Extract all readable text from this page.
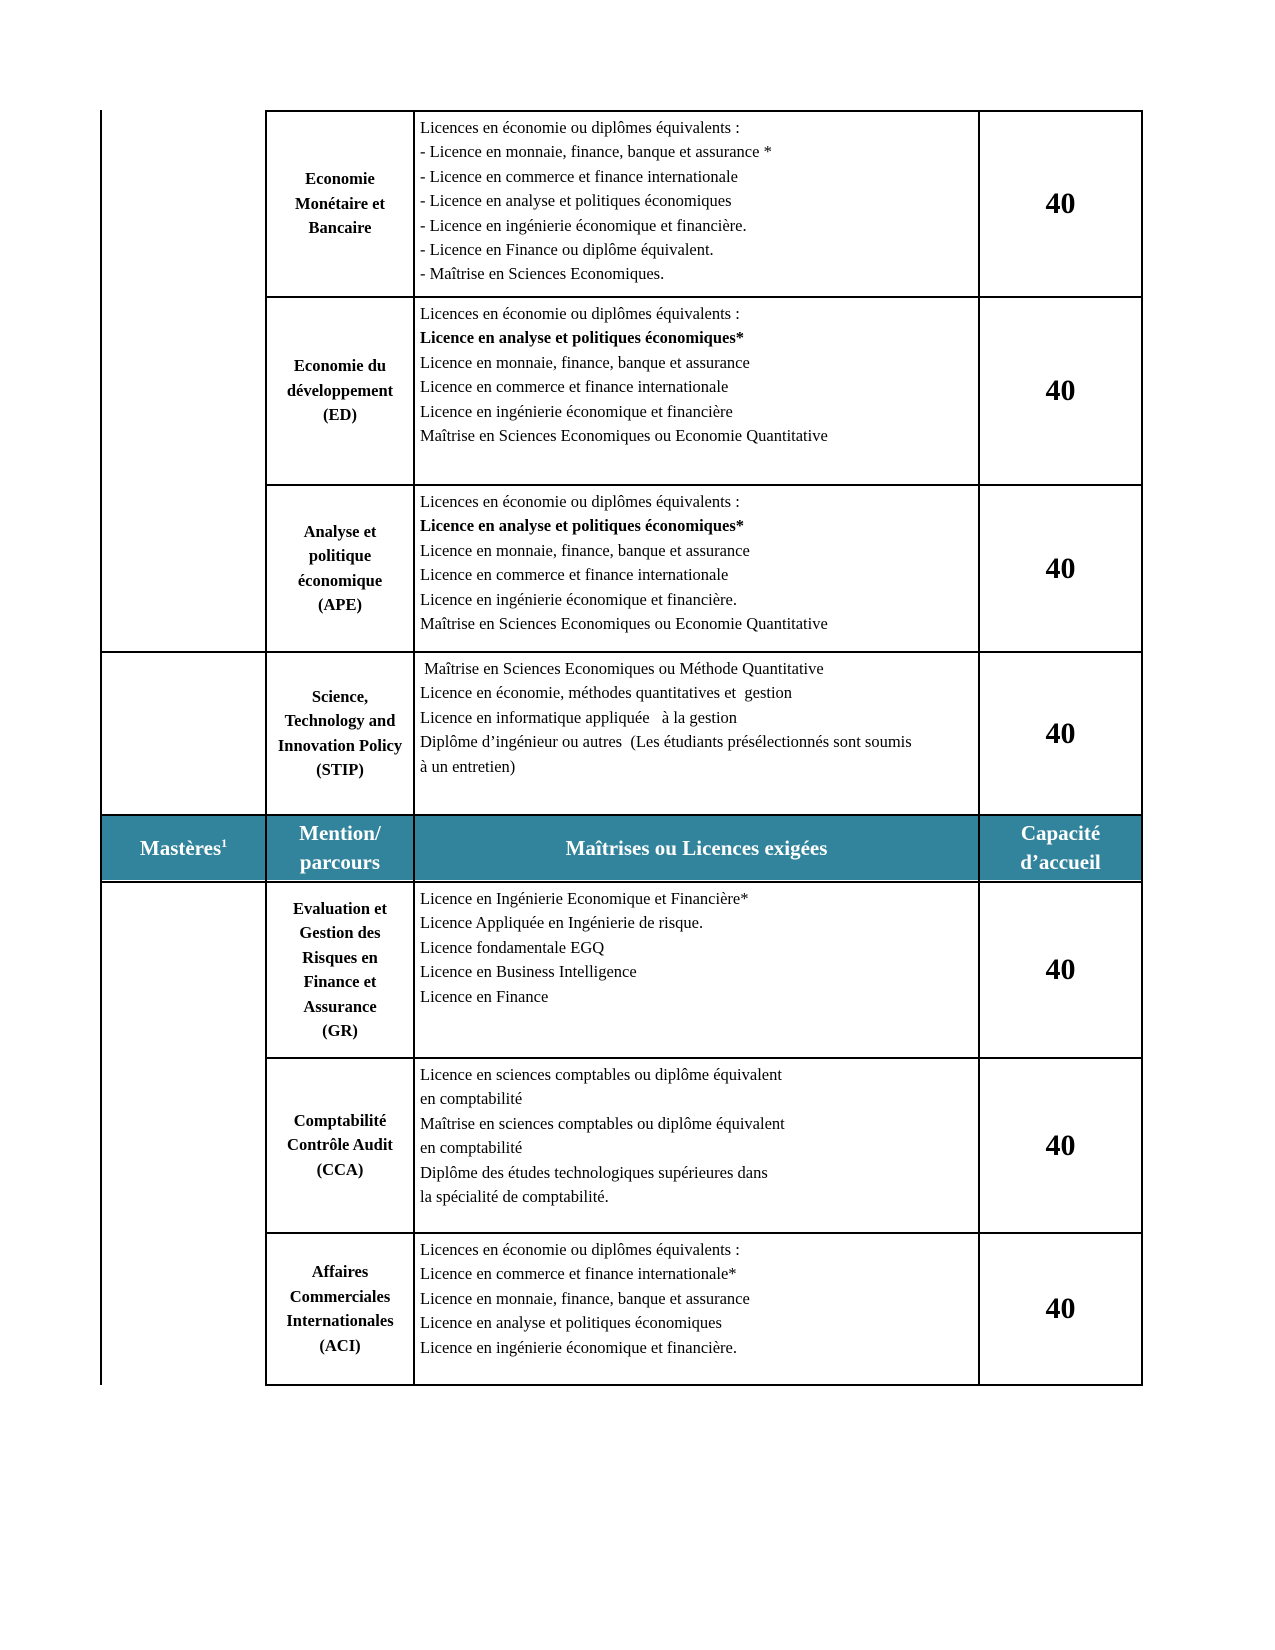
Mastères$^1$	Mention/
parcours
Maîtrises ou Licences exigées
Capacité
d’accueil
Economie
Monétaire et
Bancaire
Licences en économie ou diplômes équivalents :
- Licence en monnaie, finance, banque et assurance *
- Licence en commerce et finance internationale
- Licence en analyse et politiques économiques
- Licence en ingénierie économique et financière.
- Licence en Finance ou diplôme équivalent.
- Maîtrise en Sciences Economiques.
40
Economie du
développement
(ED)
Licences en économie ou diplômes équivalents :
Licence en analyse et politiques économiques*
Licence en monnaie, finance, banque et assurance
Licence en commerce et finance internationale
Licence en ingénierie économique et financière
Maîtrise en Sciences Economiques ou Economie Quantitative
40
Analyse et
politique
économique
(APE)
Licences en économie ou diplômes équivalents :
Licence en analyse et politiques économiques*
Licence en monnaie, finance, banque et assurance
Licence en commerce et finance internationale
Licence en ingénierie économique et financière.
Maîtrise en Sciences Economiques ou Economie Quantitative
40
Science,
Technology and
Innovation Policy
(STIP)
Maîtrise en Sciences Economiques ou Méthode Quantitative
Licence en économie, méthodes quantitatives et  gestion
Licence en informatique appliquée   à la gestion
Diplôme d’ingénieur ou autres  (Les étudiants présélectionnés sont soumis
à un entretien)
40
Evaluation et
Gestion des
Risques en
Finance et
Assurance
(GR)
Licence en Ingénierie Economique et Financière*
Licence Appliquée en Ingénierie de risque.
Licence fondamentale EGQ
Licence en Business Intelligence
Licence en Finance
40
Comptabilité
Contrôle Audit
(CCA)
Licence en sciences comptables ou diplôme équivalent
en comptabilité
Maîtrise en sciences comptables ou diplôme équivalent
en comptabilité
Diplôme des études technologiques supérieures dans
la spécialité de comptabilité.
40
Affaires
Commerciales
Internationales
(ACI)
Licences en économie ou diplômes équivalents :
Licence en commerce et finance internationale*
Licence en monnaie, finance, banque et assurance
Licence en analyse et politiques économiques
Licence en ingénierie économique et financière.
40
